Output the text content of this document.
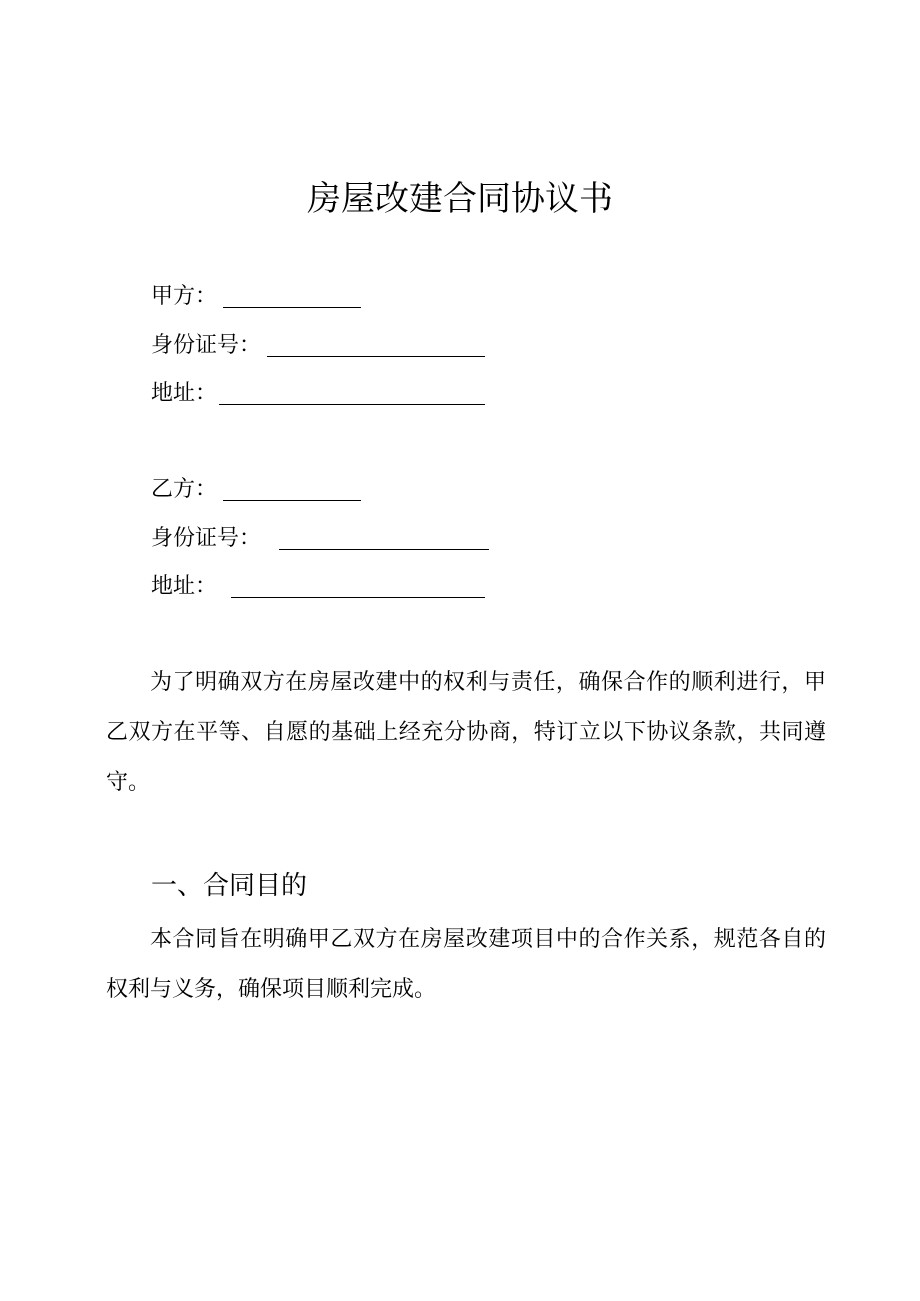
房屋改建合同协议书
甲方：
身份证号：
地址：
乙方：
身份证号：
地址：

为了明确双方在房屋改建中的权利与责任，确保合作的顺利进行，甲乙双方在平等、自愿的基础上经充分协商，特订立以下协议条款，共同遵守。

一、合同目的

本合同旨在明确甲乙双方在房屋改建项目中的合作关系，规范各自的权利与义务，确保项目顺利完成。
